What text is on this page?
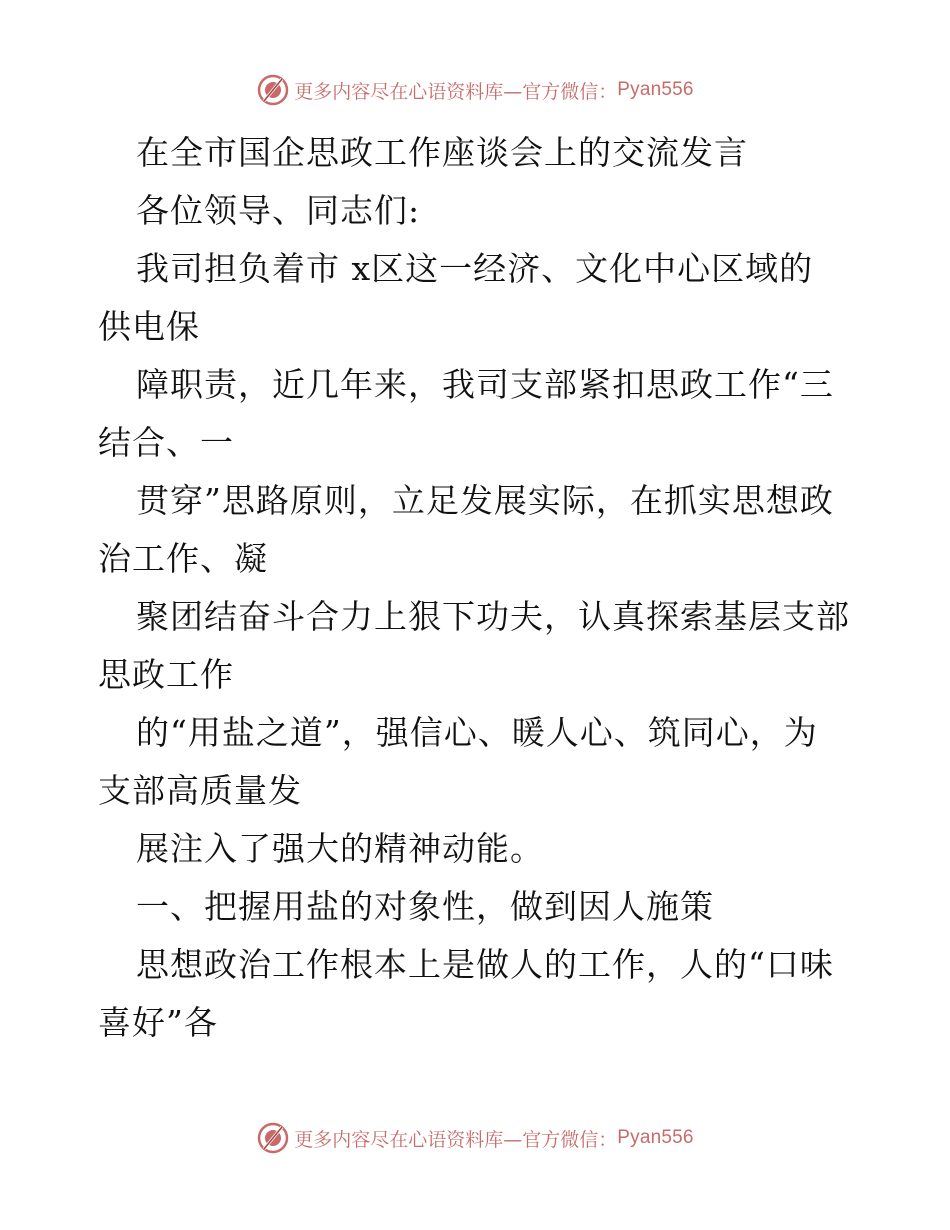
更多内容尽在心语资料库—官方微信： Pyan556
在全市国企思政工作座谈会上的交流发言
各位领导、同志们:
我司担负着市 x区这一经济、文化中心区域的
供电保
障职责，近几年来，我司支部紧扣思政工作“三
结合、一
贯穿”思路原则，立足发展实际，在抓实思想政
治工作、凝
聚团结奋斗合力上狠下功夫，认真探索基层支部
思政工作
的“用盐之道”，强信心、暖人心、筑同心，为
支部高质量发
展注入了强大的精神动能。
一、把握用盐的对象性，做到因人施策
思想政治工作根本上是做人的工作，人的“口味
喜好”各
更多内容尽在心语资料库—官方微信： Pyan556
